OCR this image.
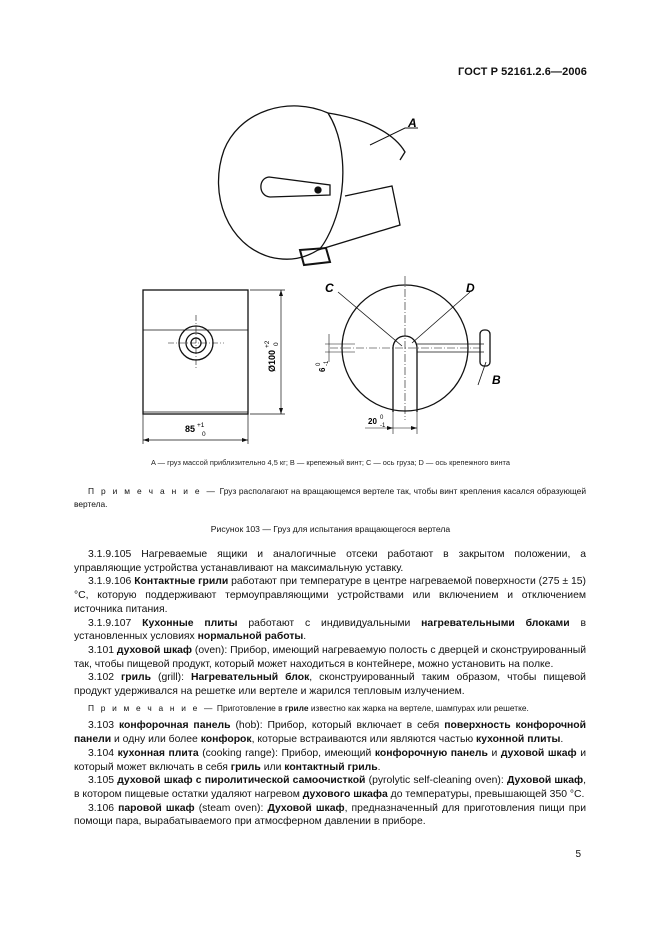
ГОСТ Р 52161.2.6—2006
A
C	D
B
85 +1
0
Ø100
+2 0
6
0 -1
20 0
-1
A — груз массой приблизительно 4,5 кг; B — крепежный винт; C — ось груза; D — ось крепежного винта
П р и м е ч а н и е — Груз располагают на вращающемся вертеле так, чтобы винт крепления касался образующей вертела.
Рисунок 103 — Груз для испытания вращающегося вертела

3.1.9.105 Нагреваемые ящики и аналогичные отсеки работают в закрытом положении, а управляющие устройства устанавливают на максимальную уставку.

3.1.9.106 Контактные грили работают при температуре в центре нагреваемой поверхности (275 ± 15) °С, которую поддерживают термоуправляющими устройствами или включением и отключением источника питания.

3.1.9.107 Кухонные плиты работают с индивидуальными нагревательными блоками в установленных условиях нормальной работы.

3.101 духовой шкаф (oven): Прибор, имеющий нагреваемую полость с дверцей и сконструированный так, чтобы пищевой продукт, который может находиться в контейнере, можно установить на полке.

3.102 гриль (grill): Нагревательный блок, сконструированный таким образом, чтобы пищевой продукт удерживался на решетке или вертеле и жарился тепловым излучением.

П р и м е ч а н и е — Приготовление в гриле известно как жарка на вертеле, шампурах или решетке.

3.103 конфорочная панель (hob): Прибор, который включает в себя поверхность конфорочной панели и одну или более конфорок, которые встраиваются или являются частью кухонной плиты.

3.104 кухонная плита (cooking range): Прибор, имеющий конфорочную панель и духовой шкаф и который может включать в себя гриль или контактный гриль.

3.105 духовой шкаф с пиролитической самоочисткой (pyrolytic self-cleaning oven): Духовой шкаф, в котором пищевые остатки удаляют нагревом духового шкафа до температуры, превышающей 350 °С.

3.106 паровой шкаф (steam oven): Духовой шкаф, предназначенный для приготовления пищи при помощи пара, вырабатываемого при атмосферном давлении в приборе.

5
